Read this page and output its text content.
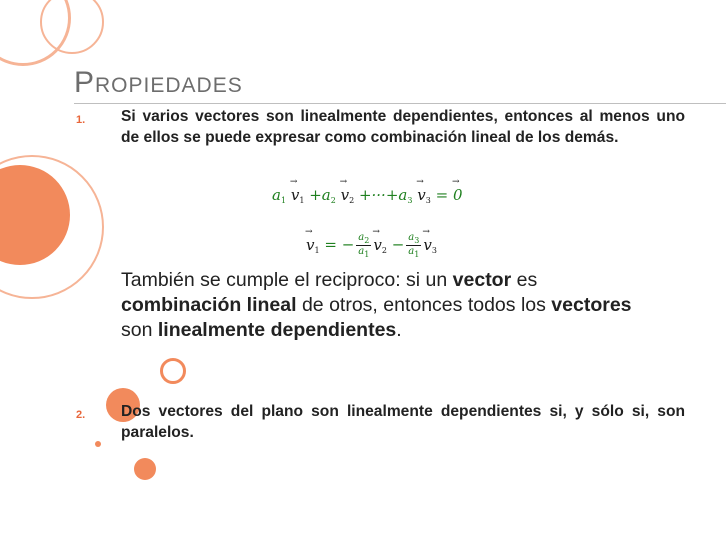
Propiedades
1. Si varios vectores son linealmente dependientes, entonces al menos uno de ellos se puede expresar como combinación lineal de los demás.
$a_1$
→
$v_1 +a_2$
→
$v_2 +\cdot\cdot\cdot+a_3$
→
$v_3$ =
→
0
→
$v_1$ = − $\frac{a_2}{a_1}$
→
$v_2 - \frac{a_3}{a_1}$
→
$v_3$
También se cumple el reciproco: si un vector es combinación lineal de otros, entonces todos los vectores son linealmente dependientes.
2. Dos vectores del plano son linealmente dependientes si, y sólo si, son paralelos.
